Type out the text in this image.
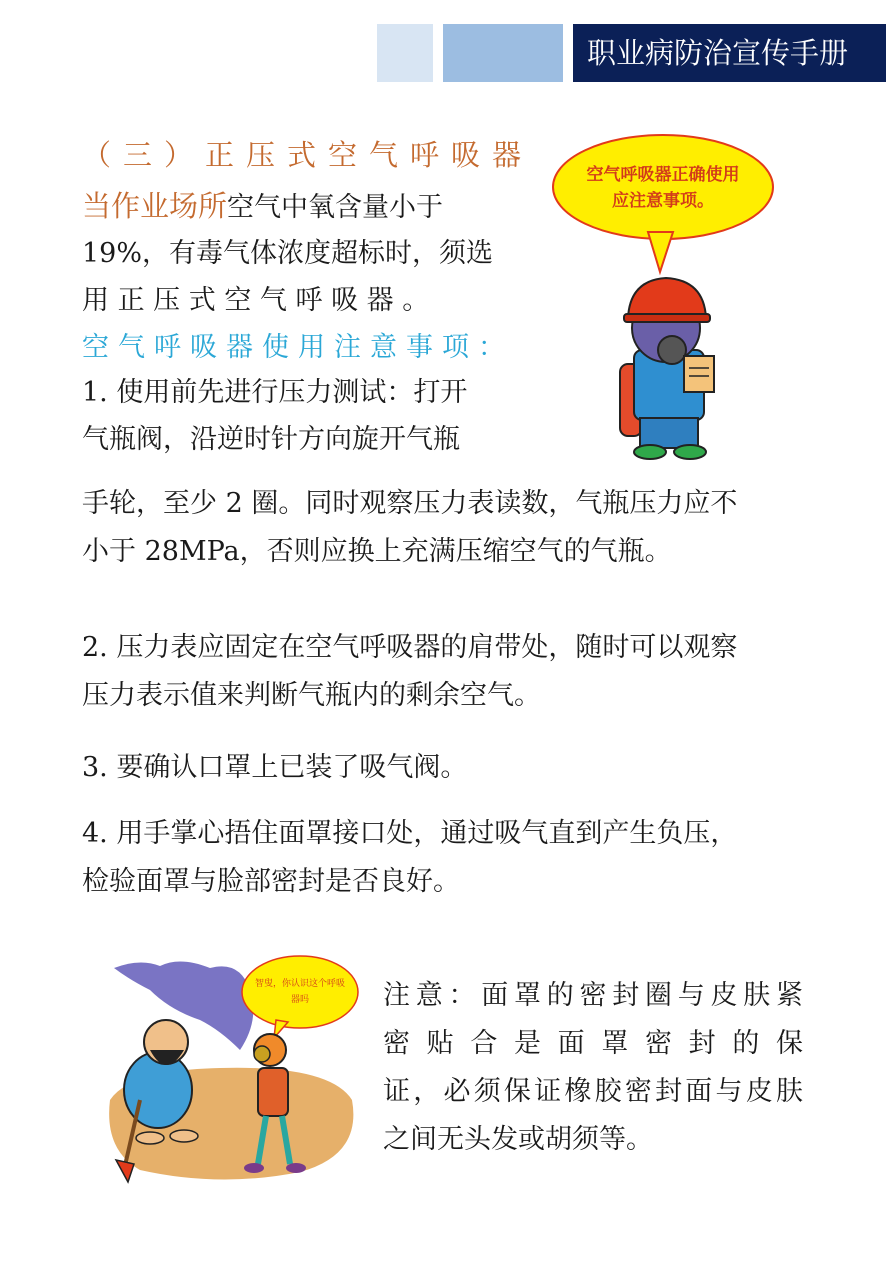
职业病防治宣传手册
（三）正压式空气呼吸器
当作业场所空气中氧含量小于
19%，有毒气体浓度超标时，须选
用 正 压 式 空 气 呼 吸 器 。
空气呼吸器使用注意事项：
1. 使用前先进行压力测试：打开
气瓶阀，沿逆时针方向旋开气瓶
手轮，至少 2 圈。同时观察压力表读数，气瓶压力应不
小于 28MPa，否则应换上充满压缩空气的气瓶。
2. 压力表应固定在空气呼吸器的肩带处，随时可以观察
压力表示值来判断气瓶内的剩余空气。
3. 要确认口罩上已装了吸气阀。
4. 用手掌心捂住面罩接口处，通过吸气直到产生负压，
检验面罩与脸部密封是否良好。
空气呼吸器正确使用
应注意事项。
智叟，你认识这个呼吸
器吗	注意：面罩的密封圈与皮肤紧
密贴合是面罩密封的保
证，必须保证橡胶密封面与皮肤
之间无头发或胡须等。
